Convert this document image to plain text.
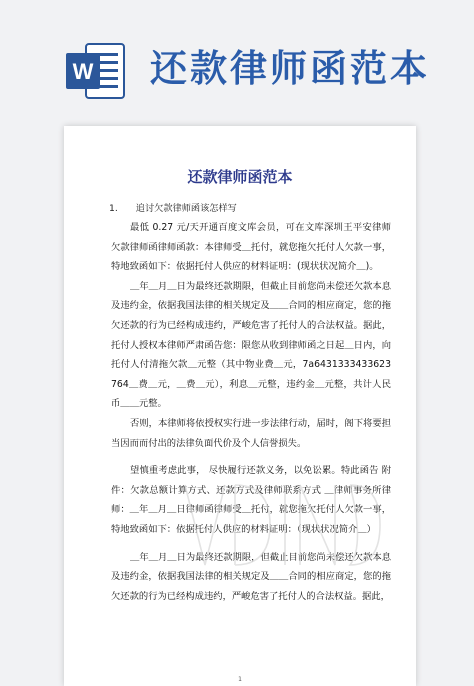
W 还款律师函范本
还款律师函范本
1. 追讨欠款律师函该怎样写

最低 0.27 元/天开通百度文库会员，可在文库深圳王平安律师 欠款律师函律师函款：本律师受＿托付，就您拖欠托付人欠款一事，特地致函如下：依据托付人供应的材料证明：(现状状况简介＿)。

＿年＿月＿日为最终还款期限，但截止目前您尚未偿还欠款本息及违约金，依据我国法律的相关规定及＿＿合同的相应商定，您的拖欠还款的行为已经构成违约，严峻危害了托付人的合法权益。据此，托付人授权本律师严肃函告您：限您从收到律师函之日起＿日内，向托付人付清拖欠款＿元整（其中物业费＿元，7a6431333433623764＿费＿元，＿费＿元），利息＿元整，违约金＿元整，共计人民币＿＿元整。

否则，本律师将依授权实行进一步法律行动，届时，阁下将要担当因而而付出的法律负面代价及个人信誉损失。

望慎重考虑此事， 尽快履行还款义务，以免讼累。特此函告 附件：欠款总额计算方式、还款方式及律师联系方式 ＿律师事务所律师：＿年＿月＿日律师函律师受＿托付，就您拖欠托付人欠款一事，特地致函如下：依据托付人供应的材料证明：（现状状况简介＿）

＿年＿月＿日为最终还款期限，但截止目前您尚未偿还欠款本息及违约金，依据我国法律的相关规定及＿＿合同的相应商定，您的拖欠还款的行为已经构成违约，严峻危害了托付人的合法权益。据此，

1
